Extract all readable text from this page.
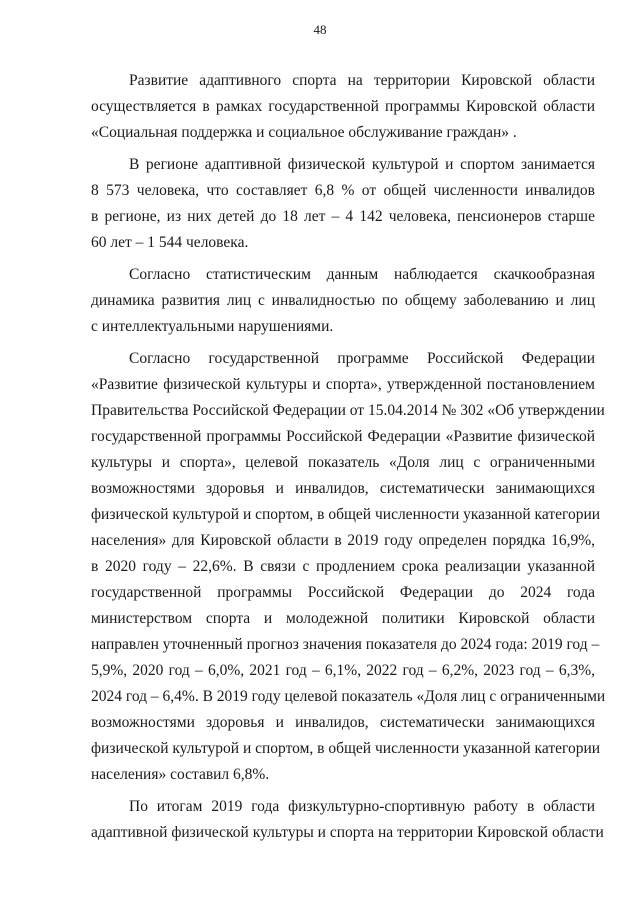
48

Развитие адаптивного спорта на территории Кировской области
осуществляется в рамках государственной программы Кировской области
«Социальная поддержка и социальное обслуживание граждан» .

В регионе адаптивной физической культурой и спортом занимается
8 573 человека, что составляет 6,8 % от общей численности инвалидов
в регионе, из них детей до 18 лет – 4 142 человека, пенсионеров старше
60 лет – 1 544 человека.

Согласно статистическим данным наблюдается скачкообразная
динамика развития лиц с инвалидностью по общему заболеванию и лиц
с интеллектуальными нарушениями.

Согласно государственной программе Российской Федерации
«Развитие физической культуры и спорта», утвержденной постановлением
Правительства Российской Федерации от 15.04.2014 № 302 «Об утверждении
государственной программы Российской Федерации «Развитие физической
культуры и спорта», целевой показатель «Доля лиц с ограниченными
возможностями здоровья и инвалидов, систематически занимающихся
физической культурой и спортом, в общей численности указанной категории
населения» для Кировской области в 2019 году определен порядка 16,9%,
в 2020 году – 22,6%. В связи с продлением срока реализации указанной
государственной программы Российской Федерации до 2024 года
министерством спорта и молодежной политики Кировской области
направлен уточненный прогноз значения показателя до 2024 года: 2019 год –
5,9%, 2020 год – 6,0%, 2021 год – 6,1%, 2022 год – 6,2%, 2023 год – 6,3%,
2024 год – 6,4%. В 2019 году целевой показатель «Доля лиц с ограниченными
возможностями здоровья и инвалидов, систематически занимающихся
физической культурой и спортом, в общей численности указанной категории
населения» составил 6,8%.

По итогам 2019 года физкультурно-спортивную работу в области
адаптивной физической культуры и спорта на территории Кировской области
